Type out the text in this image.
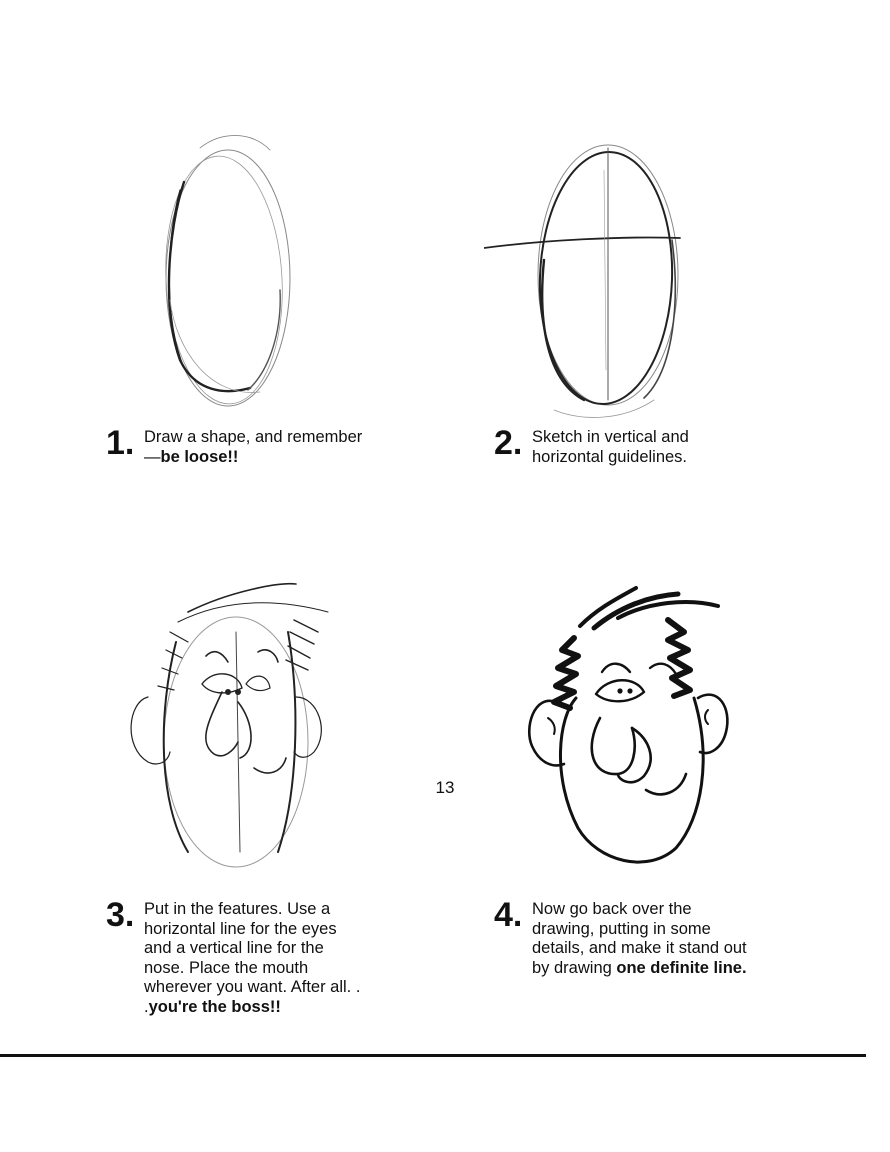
1. Draw a shape, and remember—be loose!!	2. Sketch in vertical and horizontal guidelines.
3. Put in the features. Use a horizontal line for the eyes and a vertical line for the nose. Place the mouth wherever you want. After all. . .you're the boss!!
4. Now go back over the drawing, putting in some details, and make it stand out by drawing one definite line.
13
